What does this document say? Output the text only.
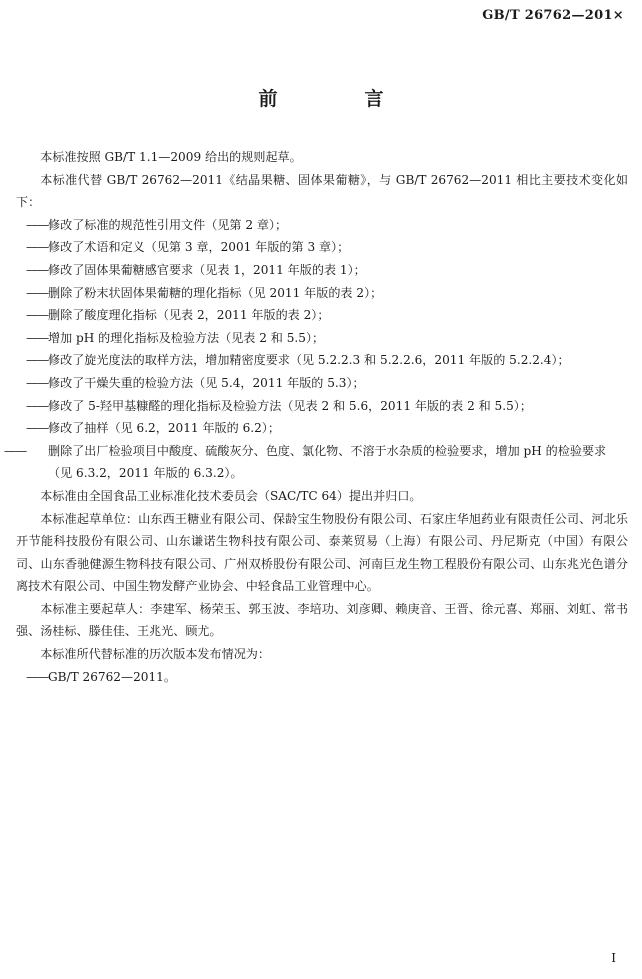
GB/T 26762—201×
前　言

本标准按照 GB/T 1.1—2009 给出的规则起草。

本标准代替 GB/T 26762—2011《结晶果糖、固体果葡糖》，与 GB/T 26762—2011 相比主要技术变化如下：

——修改了标准的规范性引用文件（见第 2 章）；

——修改了术语和定义（见第 3 章，2001 年版的第 3 章）；

——修改了固体果葡糖感官要求（见表 1，2011 年版的表 1）；

——删除了粉末状固体果葡糖的理化指标（见 2011 年版的表 2）；

——删除了酸度理化指标（见表 2，2011 年版的表 2）；

——增加 pH 的理化指标及检验方法（见表 2 和 5.5）；

——修改了旋光度法的取样方法，增加精密度要求（见 5.2.2.3 和 5.2.2.6，2011 年版的 5.2.2.4）；

——修改了干燥失重的检验方法（见 5.4，2011 年版的 5.3）；

——修改了 5-羟甲基糠醛的理化指标及检验方法（见表 2 和 5.6，2011 年版的表 2 和 5.5）；

——修改了抽样（见 6.2，2011 年版的 6.2）；

—— 删除了出厂检验项目中酸度、硫酸灰分、色度、氯化物、不溶于水杂质的检验要求，增加 pH 的检验要求（见 6.3.2，2011 年版的 6.3.2）。

本标准由全国食品工业标准化技术委员会（SAC/TC 64）提出并归口。

本标准起草单位：山东西王糖业有限公司、保龄宝生物股份有限公司、石家庄华旭药业有限责任公司、河北乐开节能科技股份有限公司、山东谦诺生物科技有限公司、泰莱贸易（上海）有限公司、丹尼斯克（中国）有限公司、山东香驰健源生物科技有限公司、广州双桥股份有限公司、河南巨龙生物工程股份有限公司、山东兆光色谱分离技术有限公司、中国生物发酵产业协会、中轻食品工业管理中心。

本标准主要起草人：李建军、杨荣玉、郭玉波、李培功、刘彦卿、赖庚音、王晋、徐元喜、郑丽、刘虹、常书强、汤桂标、滕佳佳、王兆光、顾尤。

本标准所代替标准的历次版本发布情况为：

——GB/T 26762—2011。

I
